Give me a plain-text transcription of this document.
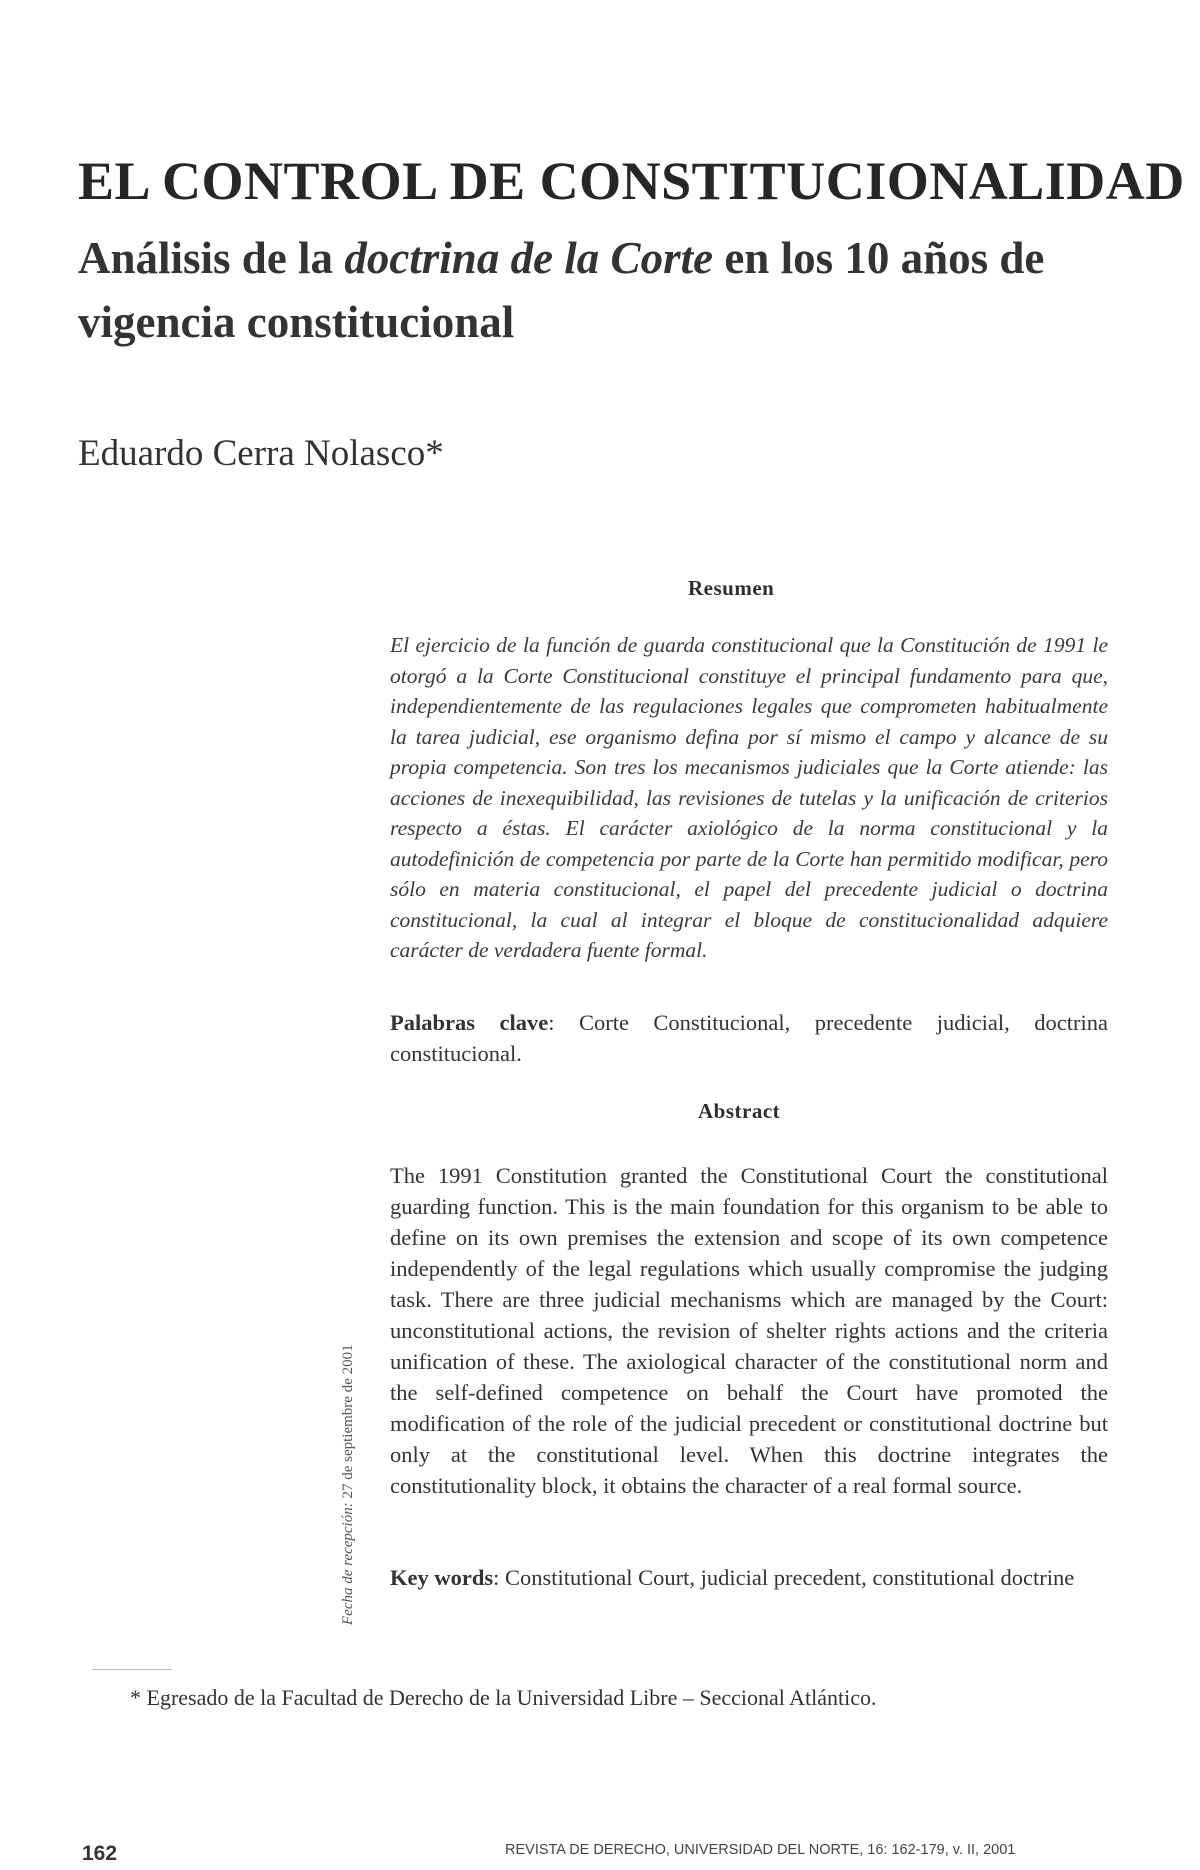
EL CONTROL DE CONSTITUCIONALIDAD
Análisis de la doctrina de la Corte en los 10 años de vigencia constitucional

Eduardo Cerra Nolasco*

Resumen

El ejercicio de la función de guarda constitucional que la Constitución de 1991 le otorgó a la Corte Constitucional constituye el principal fundamento para que, independientemente de las regulaciones legales que comprometen habitualmente la tarea judicial, ese organismo defina por sí mismo el campo y alcance de su propia competencia. Son tres los mecanismos judiciales que la Corte atiende: las acciones de inexequibilidad, las revisiones de tutelas y la unificación de criterios respecto a éstas. El carácter axiológico de la norma constitucional y la autodefinición de competencia por parte de la Corte han permitido modificar, pero sólo en materia constitucional, el papel del precedente judicial o doctrina constitucional, la cual al integrar el bloque de constitucionalidad adquiere carácter de verdadera fuente formal.

Palabras clave: Corte Constitucional, precedente judicial, doctrina constitucional.

Abstract

The 1991 Constitution granted the Constitutional Court the constitutional guarding function. This is the main foundation for this organism to be able to define on its own premises the extension and scope of its own competence independently of the legal regulations which usually compromise the judging task. There are three judicial mechanisms which are managed by the Court: unconstitutional actions, the revision of shelter rights actions and the criteria unification of these. The axiological character of the constitutional norm and the self-defined competence on behalf the Court have promoted the modification of the role of the judicial precedent or constitutional doctrine but only at the constitutional level. When this doctrine integrates the constitutionality block, it obtains the character of a real formal source.

Key words: Constitutional Court, judicial precedent, constitutional doctrine

Fecha de recepción: 27 de septiembre de 2001

* Egresado de la Facultad de Derecho de la Universidad Libre – Seccional Atlántico.

162	REVISTA DE DERECHO, UNIVERSIDAD DEL NORTE, 16: 162-179, v. II, 2001
